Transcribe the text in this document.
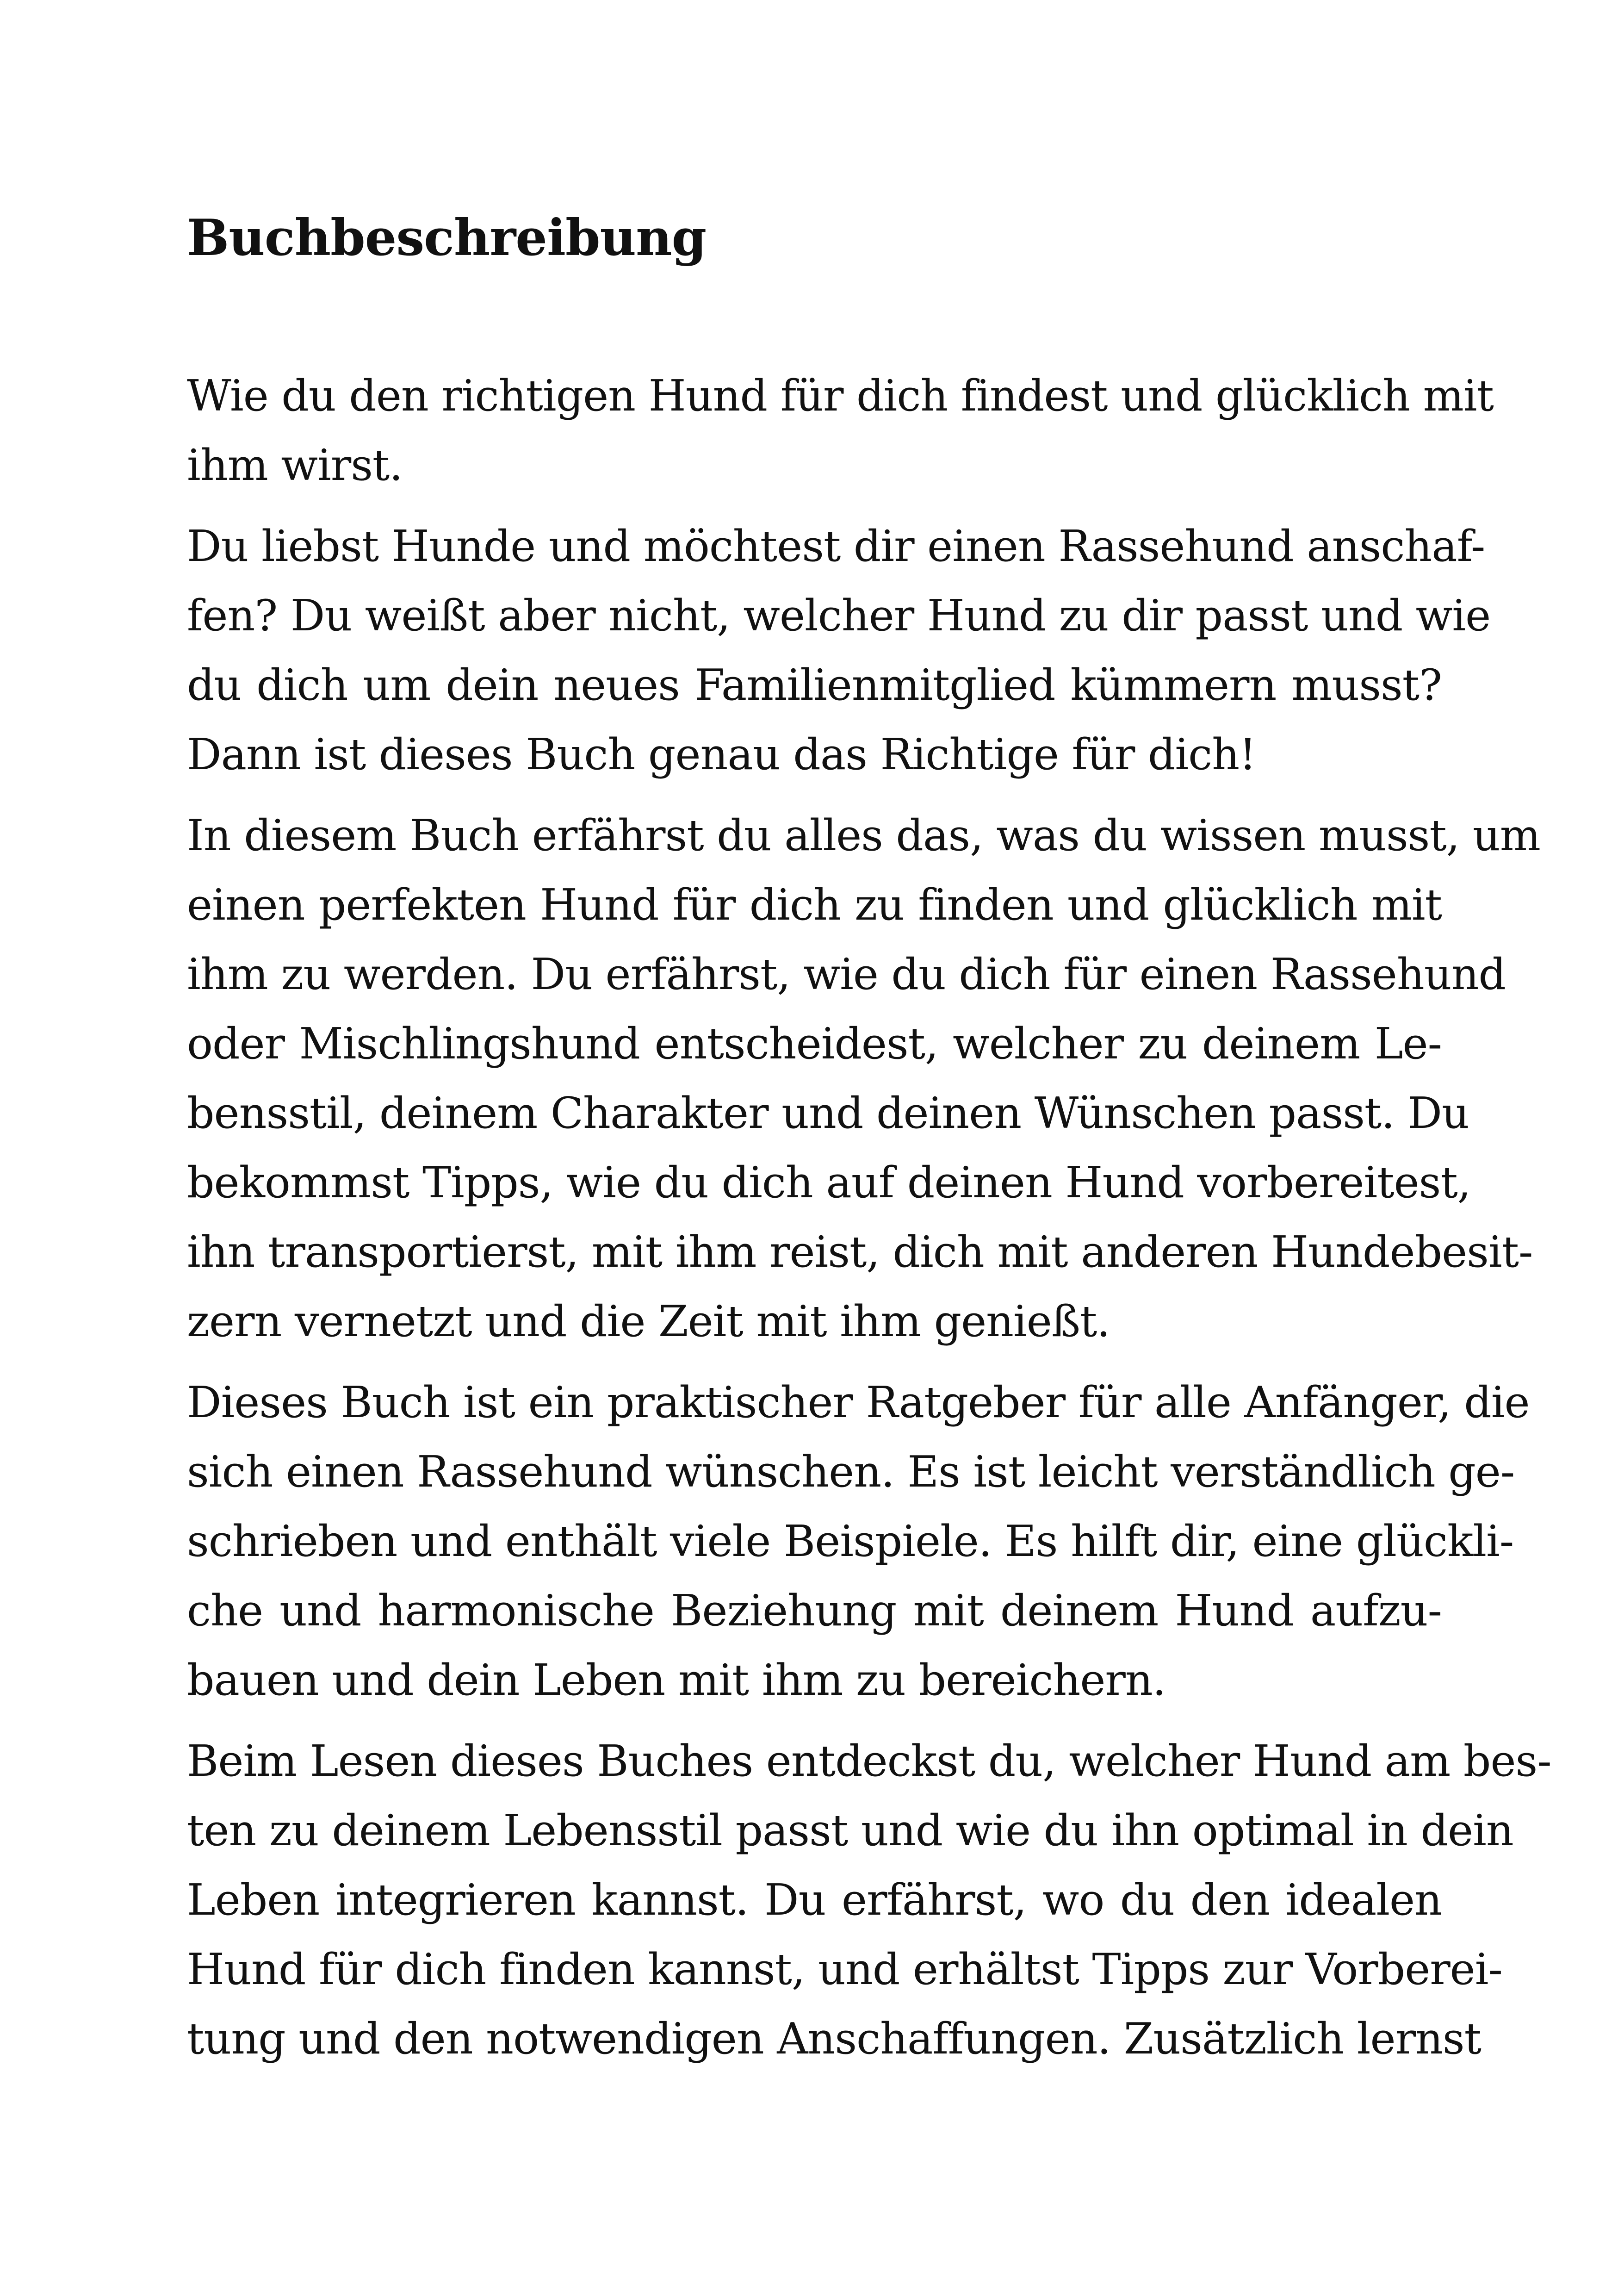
Buchbeschreibung

Wie du den richtigen Hund für dich findest und glücklich mit
ihm wirst.

Du liebst Hunde und möchtest dir einen Rassehund anschaf-
fen? Du weißt aber nicht, welcher Hund zu dir passt und wie
du dich um dein neues Familienmitglied kümmern musst?
Dann ist dieses Buch genau das Richtige für dich!

In diesem Buch erfährst du alles das, was du wissen musst, um
einen perfekten Hund für dich zu finden und glücklich mit
ihm zu werden. Du erfährst, wie du dich für einen Rassehund
oder Mischlingshund entscheidest, welcher zu deinem Le-
bensstil, deinem Charakter und deinen Wünschen passt. Du
bekommst Tipps, wie du dich auf deinen Hund vorbereitest,
ihn transportierst, mit ihm reist, dich mit anderen Hundebesit-
zern vernetzt und die Zeit mit ihm genießt.

Dieses Buch ist ein praktischer Ratgeber für alle Anfänger, die
sich einen Rassehund wünschen. Es ist leicht verständlich ge-
schrieben und enthält viele Beispiele. Es hilft dir, eine glückli-
che und harmonische Beziehung mit deinem Hund aufzu-
bauen und dein Leben mit ihm zu bereichern.

Beim Lesen dieses Buches entdeckst du, welcher Hund am bes-
ten zu deinem Lebensstil passt und wie du ihn optimal in dein
Leben integrieren kannst. Du erfährst, wo du den idealen
Hund für dich finden kannst, und erhältst Tipps zur Vorberei-
tung und den notwendigen Anschaffungen. Zusätzlich lernst
